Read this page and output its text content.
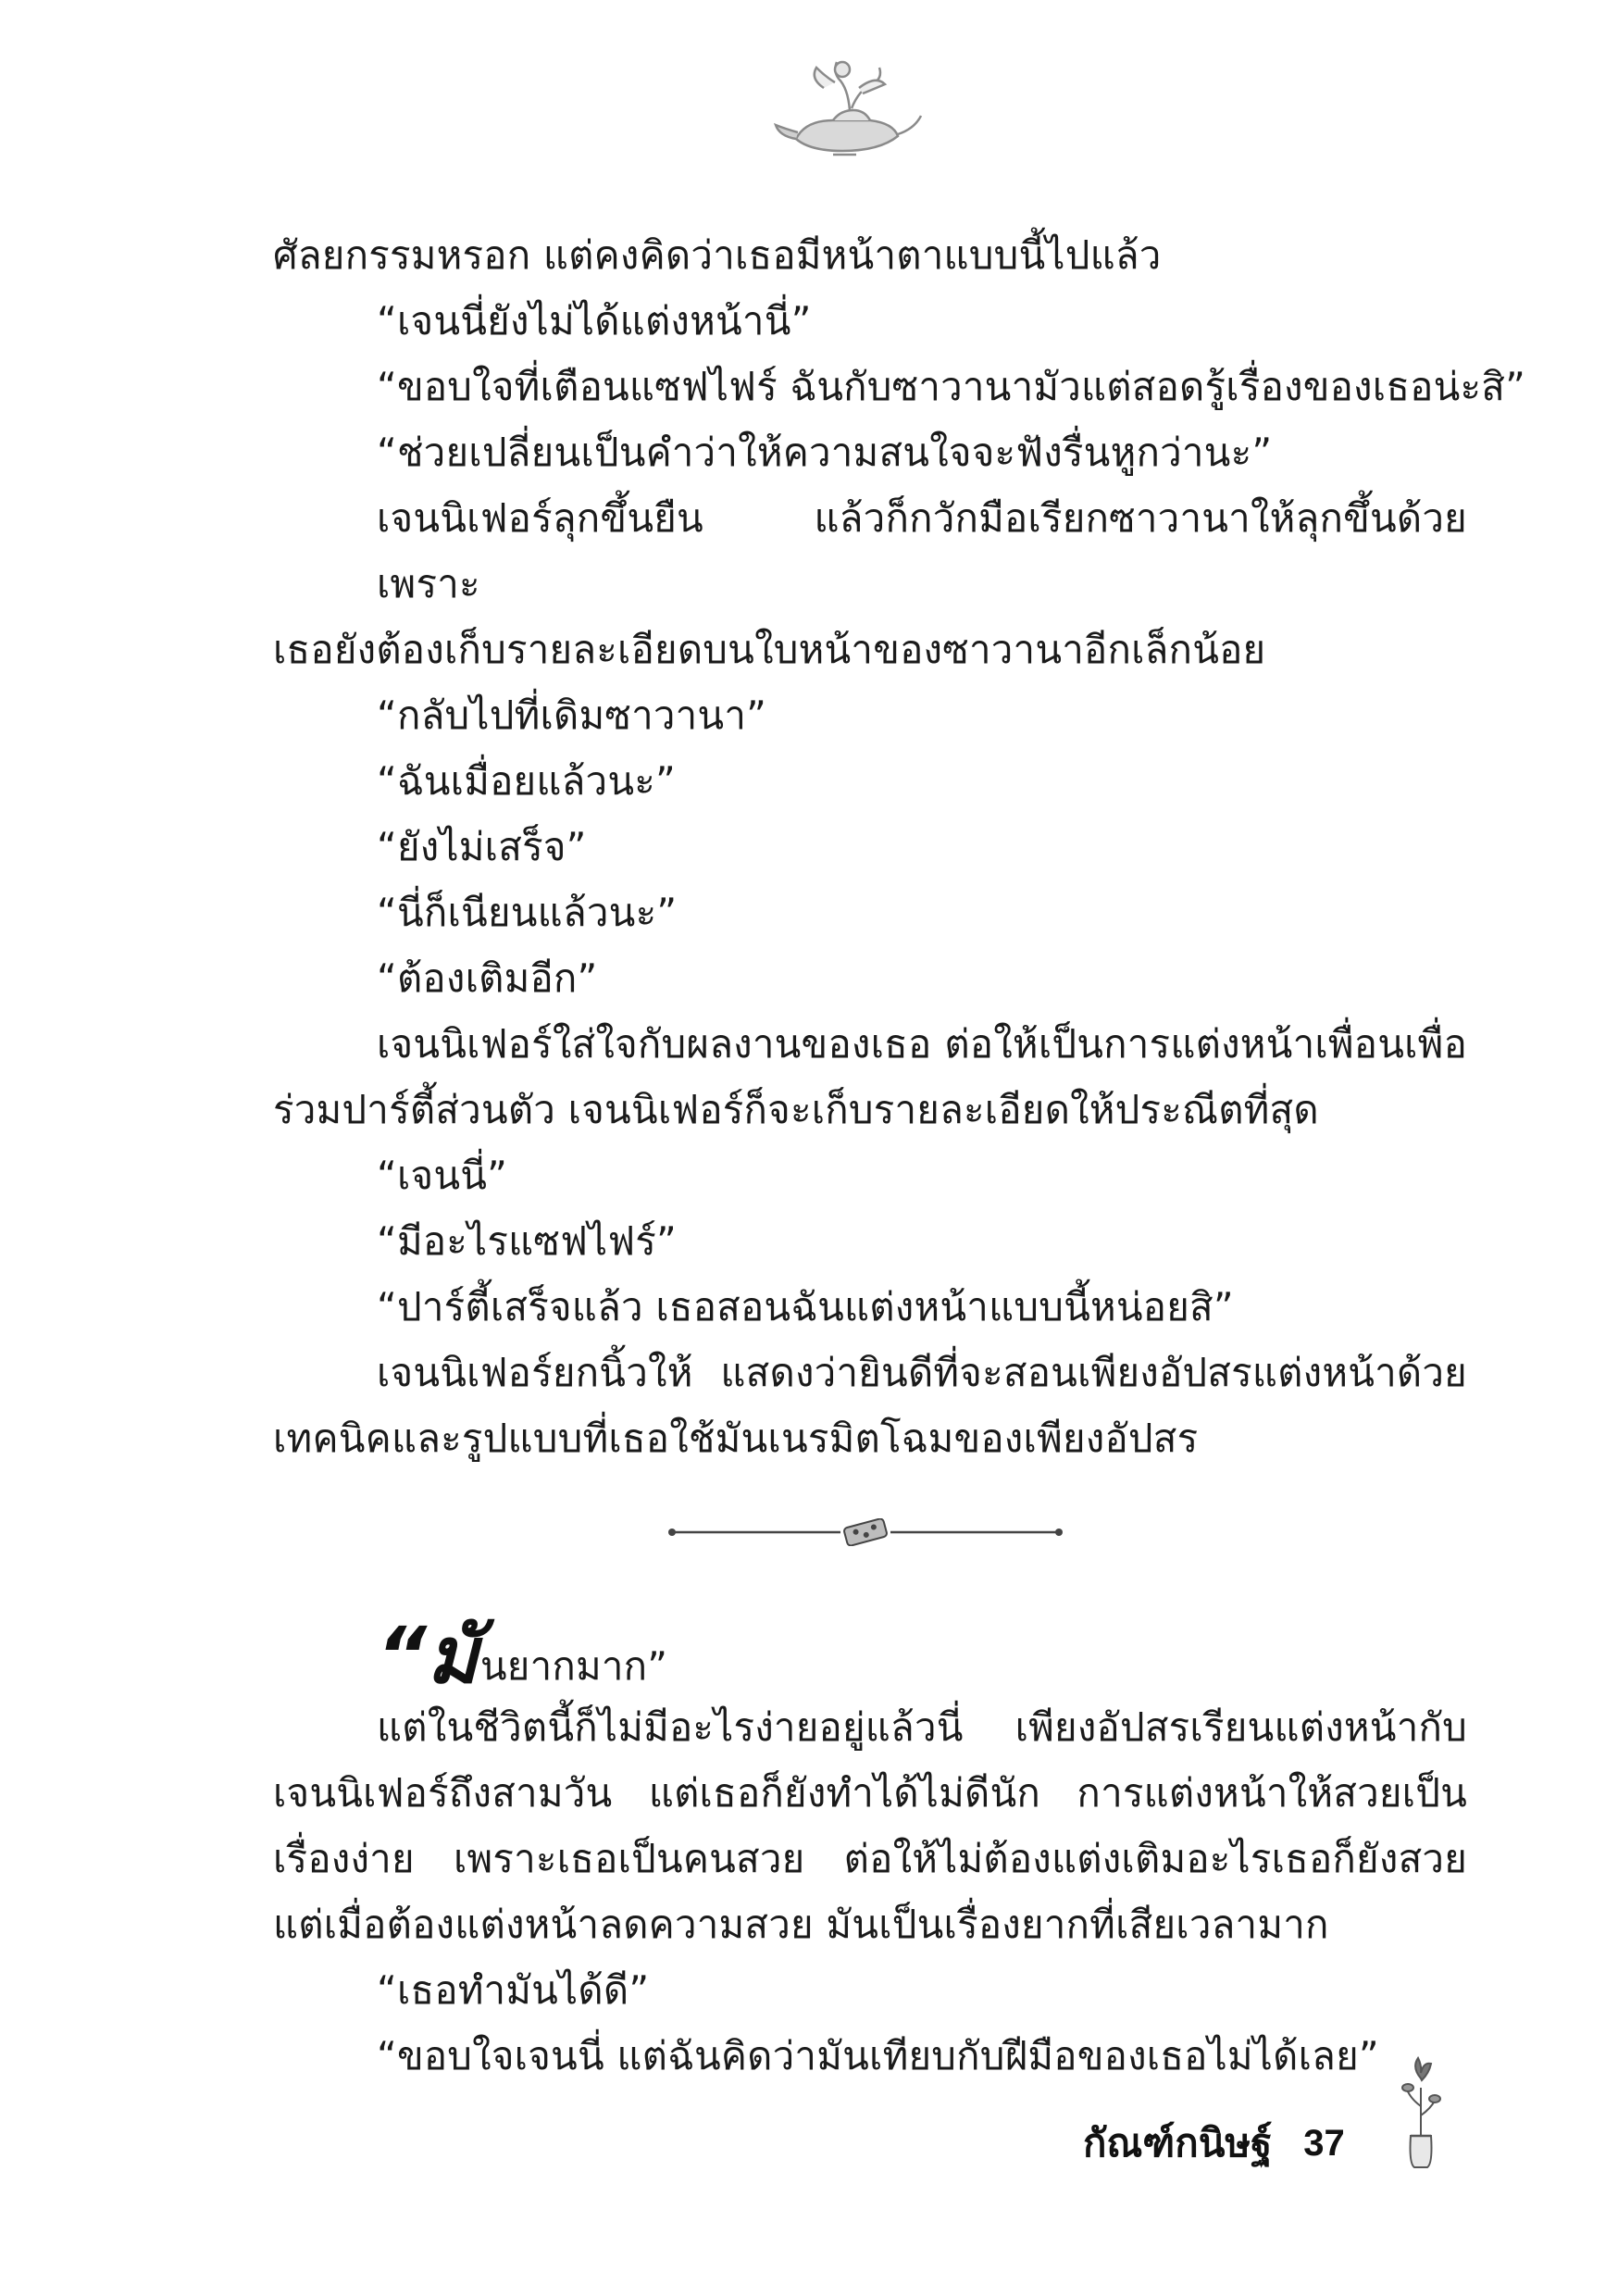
ศัลยกรรมหรอก แต่คงคิดว่าเธอมีหน้าตาแบบนี้ไปแล้ว

“เจนนี่ยังไม่ได้แต่งหน้านี่”

“ขอบใจที่เตือนแซฟไฟร์ ฉันกับซาวานามัวแต่สอดรู้เรื่องของเธอน่ะสิ”

“ช่วยเปลี่ยนเป็นคำว่าให้ความสนใจจะฟังรื่นหูกว่านะ”

เจนนิเฟอร์ลุกขึ้นยืน แล้วก็กวักมือเรียกซาวานาให้ลุกขึ้นด้วย เพราะ

เธอยังต้องเก็บรายละเอียดบนใบหน้าของซาวานาอีกเล็กน้อย

“กลับไปที่เดิมซาวานา”

“ฉันเมื่อยแล้วนะ”

“ยังไม่เสร็จ”

“นี่ก็เนียนแล้วนะ”

“ต้องเติมอีก”

เจนนิเฟอร์ใส่ใจกับผลงานของเธอ ต่อให้เป็นการแต่งหน้าเพื่อนเพื่อ

ร่วมปาร์ตี้ส่วนตัว เจนนิเฟอร์ก็จะเก็บรายละเอียดให้ประณีตที่สุด

“เจนนี่”

“มีอะไรแซฟไฟร์”

“ปาร์ตี้เสร็จแล้ว เธอสอนฉันแต่งหน้าแบบนี้หน่อยสิ”

เจนนิเฟอร์ยกนิ้วให้ แสดงว่ายินดีที่จะสอนเพียงอัปสรแต่งหน้าด้วย

เทคนิคและรูปแบบที่เธอใช้มันเนรมิตโฉมของเพียงอัปสร

“มั นยากมาก”

แต่ในชีวิตนี้ก็ไม่มีอะไรง่ายอยู่แล้วนี่ เพียงอัปสรเรียนแต่งหน้ากับ

เจนนิเฟอร์ถึงสามวัน แต่เธอก็ยังทำได้ไม่ดีนัก การแต่งหน้าให้สวยเป็น

เรื่องง่าย เพราะเธอเป็นคนสวย ต่อให้ไม่ต้องแต่งเติมอะไรเธอก็ยังสวย

แต่เมื่อต้องแต่งหน้าลดความสวย มันเป็นเรื่องยากที่เสียเวลามาก

“เธอทำมันได้ดี”

“ขอบใจเจนนี่ แต่ฉันคิดว่ามันเทียบกับฝีมือของเธอไม่ได้เลย”

กัณฑ์กนิษฐ์ 37
